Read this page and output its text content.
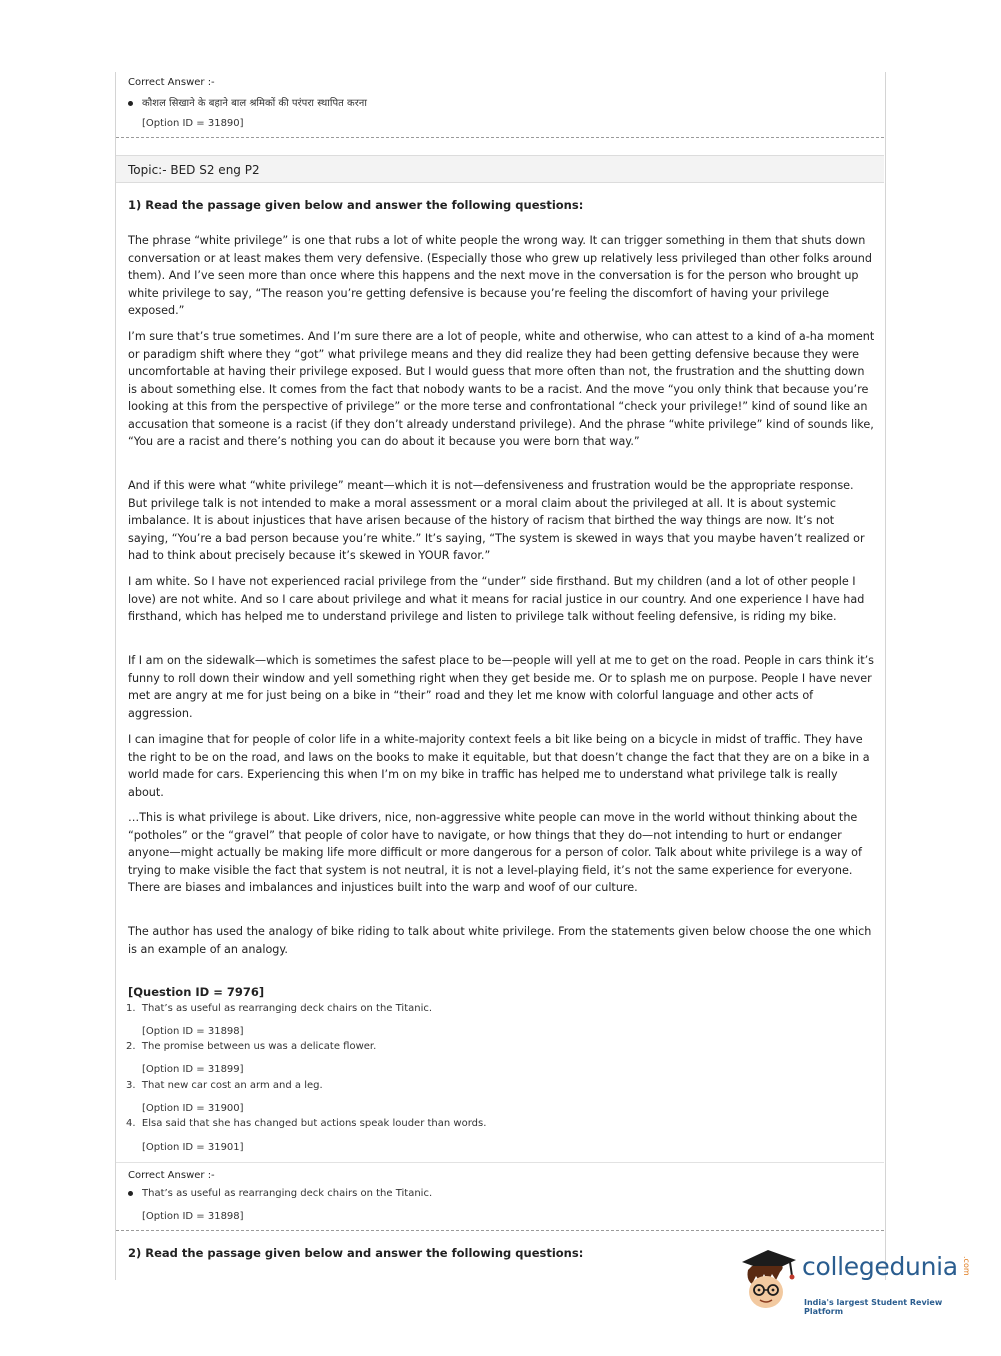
Correct Answer :-
कौशल सिखाने के बहाने बाल श्रमिकों की परंपरा स्थापित करना
[Option ID = 31890]
Topic:- BED S2 eng P2
1) Read the passage given below and answer the following questions:

The phrase “white privilege” is one that rubs a lot of white people the wrong way. It can trigger something in them that shuts down conversation or at least makes them very defensive. (Especially those who grew up relatively less privileged than other folks around them). And I’ve seen more than once where this happens and the next move in the conversation is for the person who brought up white privilege to say, “The reason you’re getting defensive is because you’re feeling the discomfort of having your privilege exposed.”

I’m sure that’s true sometimes. And I’m sure there are a lot of people, white and otherwise, who can attest to a kind of a-ha moment or paradigm shift where they “got” what privilege means and they did realize they had been getting defensive because they were uncomfortable at having their privilege exposed. But I would guess that more often than not, the frustration and the shutting down is about something else. It comes from the fact that nobody wants to be a racist. And the move “you only think that because you’re looking at this from the perspective of privilege” or the more terse and confrontational “check your privilege!” kind of sound like an accusation that someone is a racist (if they don’t already understand privilege). And the phrase “white privilege” kind of sounds like, “You are a racist and there’s nothing you can do about it because you were born that way.”

And if this were what “white privilege” meant—which it is not—defensiveness and frustration would be the appropriate response. But privilege talk is not intended to make a moral assessment or a moral claim about the privileged at all. It is about systemic imbalance. It is about injustices that have arisen because of the history of racism that birthed the way things are now. It’s not saying, “You’re a bad person because you’re white.” It’s saying, “The system is skewed in ways that you maybe haven’t realized or had to think about precisely because it’s skewed in YOUR favor.”

I am white. So I have not experienced racial privilege from the “under” side firsthand. But my children (and a lot of other people I love) are not white. And so I care about privilege and what it means for racial justice in our country. And one experience I have had firsthand, which has helped me to understand privilege and listen to privilege talk without feeling defensive, is riding my bike.

If I am on the sidewalk—which is sometimes the safest place to be—people will yell at me to get on the road. People in cars think it’s funny to roll down their window and yell something right when they get beside me. Or to splash me on purpose. People I have never met are angry at me for just being on a bike in “their” road and they let me know with colorful language and other acts of aggression.

I can imagine that for people of color life in a white-majority context feels a bit like being on a bicycle in midst of traffic. They have the right to be on the road, and laws on the books to make it equitable, but that doesn’t change the fact that they are on a bike in a world made for cars. Experiencing this when I’m on my bike in traffic has helped me to understand what privilege talk is really about.

…This is what privilege is about. Like drivers, nice, non-aggressive white people can move in the world without thinking about the “potholes” or the “gravel” that people of color have to navigate, or how things that they do—not intending to hurt or endanger anyone—might actually be making life more difficult or more dangerous for a person of color. Talk about white privilege is a way of trying to make visible the fact that system is not neutral, it is not a level-playing field, it’s not the same experience for everyone. There are biases and imbalances and injustices built into the warp and woof of our culture.

The author has used the analogy of bike riding to talk about white privilege. From the statements given below choose the one which is an example of an analogy.

[Question ID = 7976]
1. That’s as useful as rearranging deck chairs on the Titanic.
[Option ID = 31898]
2. The promise between us was a delicate flower.
[Option ID = 31899]
3. That new car cost an arm and a leg.
[Option ID = 31900]
4. Elsa said that she has changed but actions speak louder than words.
[Option ID = 31901]
Correct Answer :-
That’s as useful as rearranging deck chairs on the Titanic.
[Option ID = 31898]
2) Read the passage given below and answer the following questions:	collegedunia .com
India's largest Student Review Platform
